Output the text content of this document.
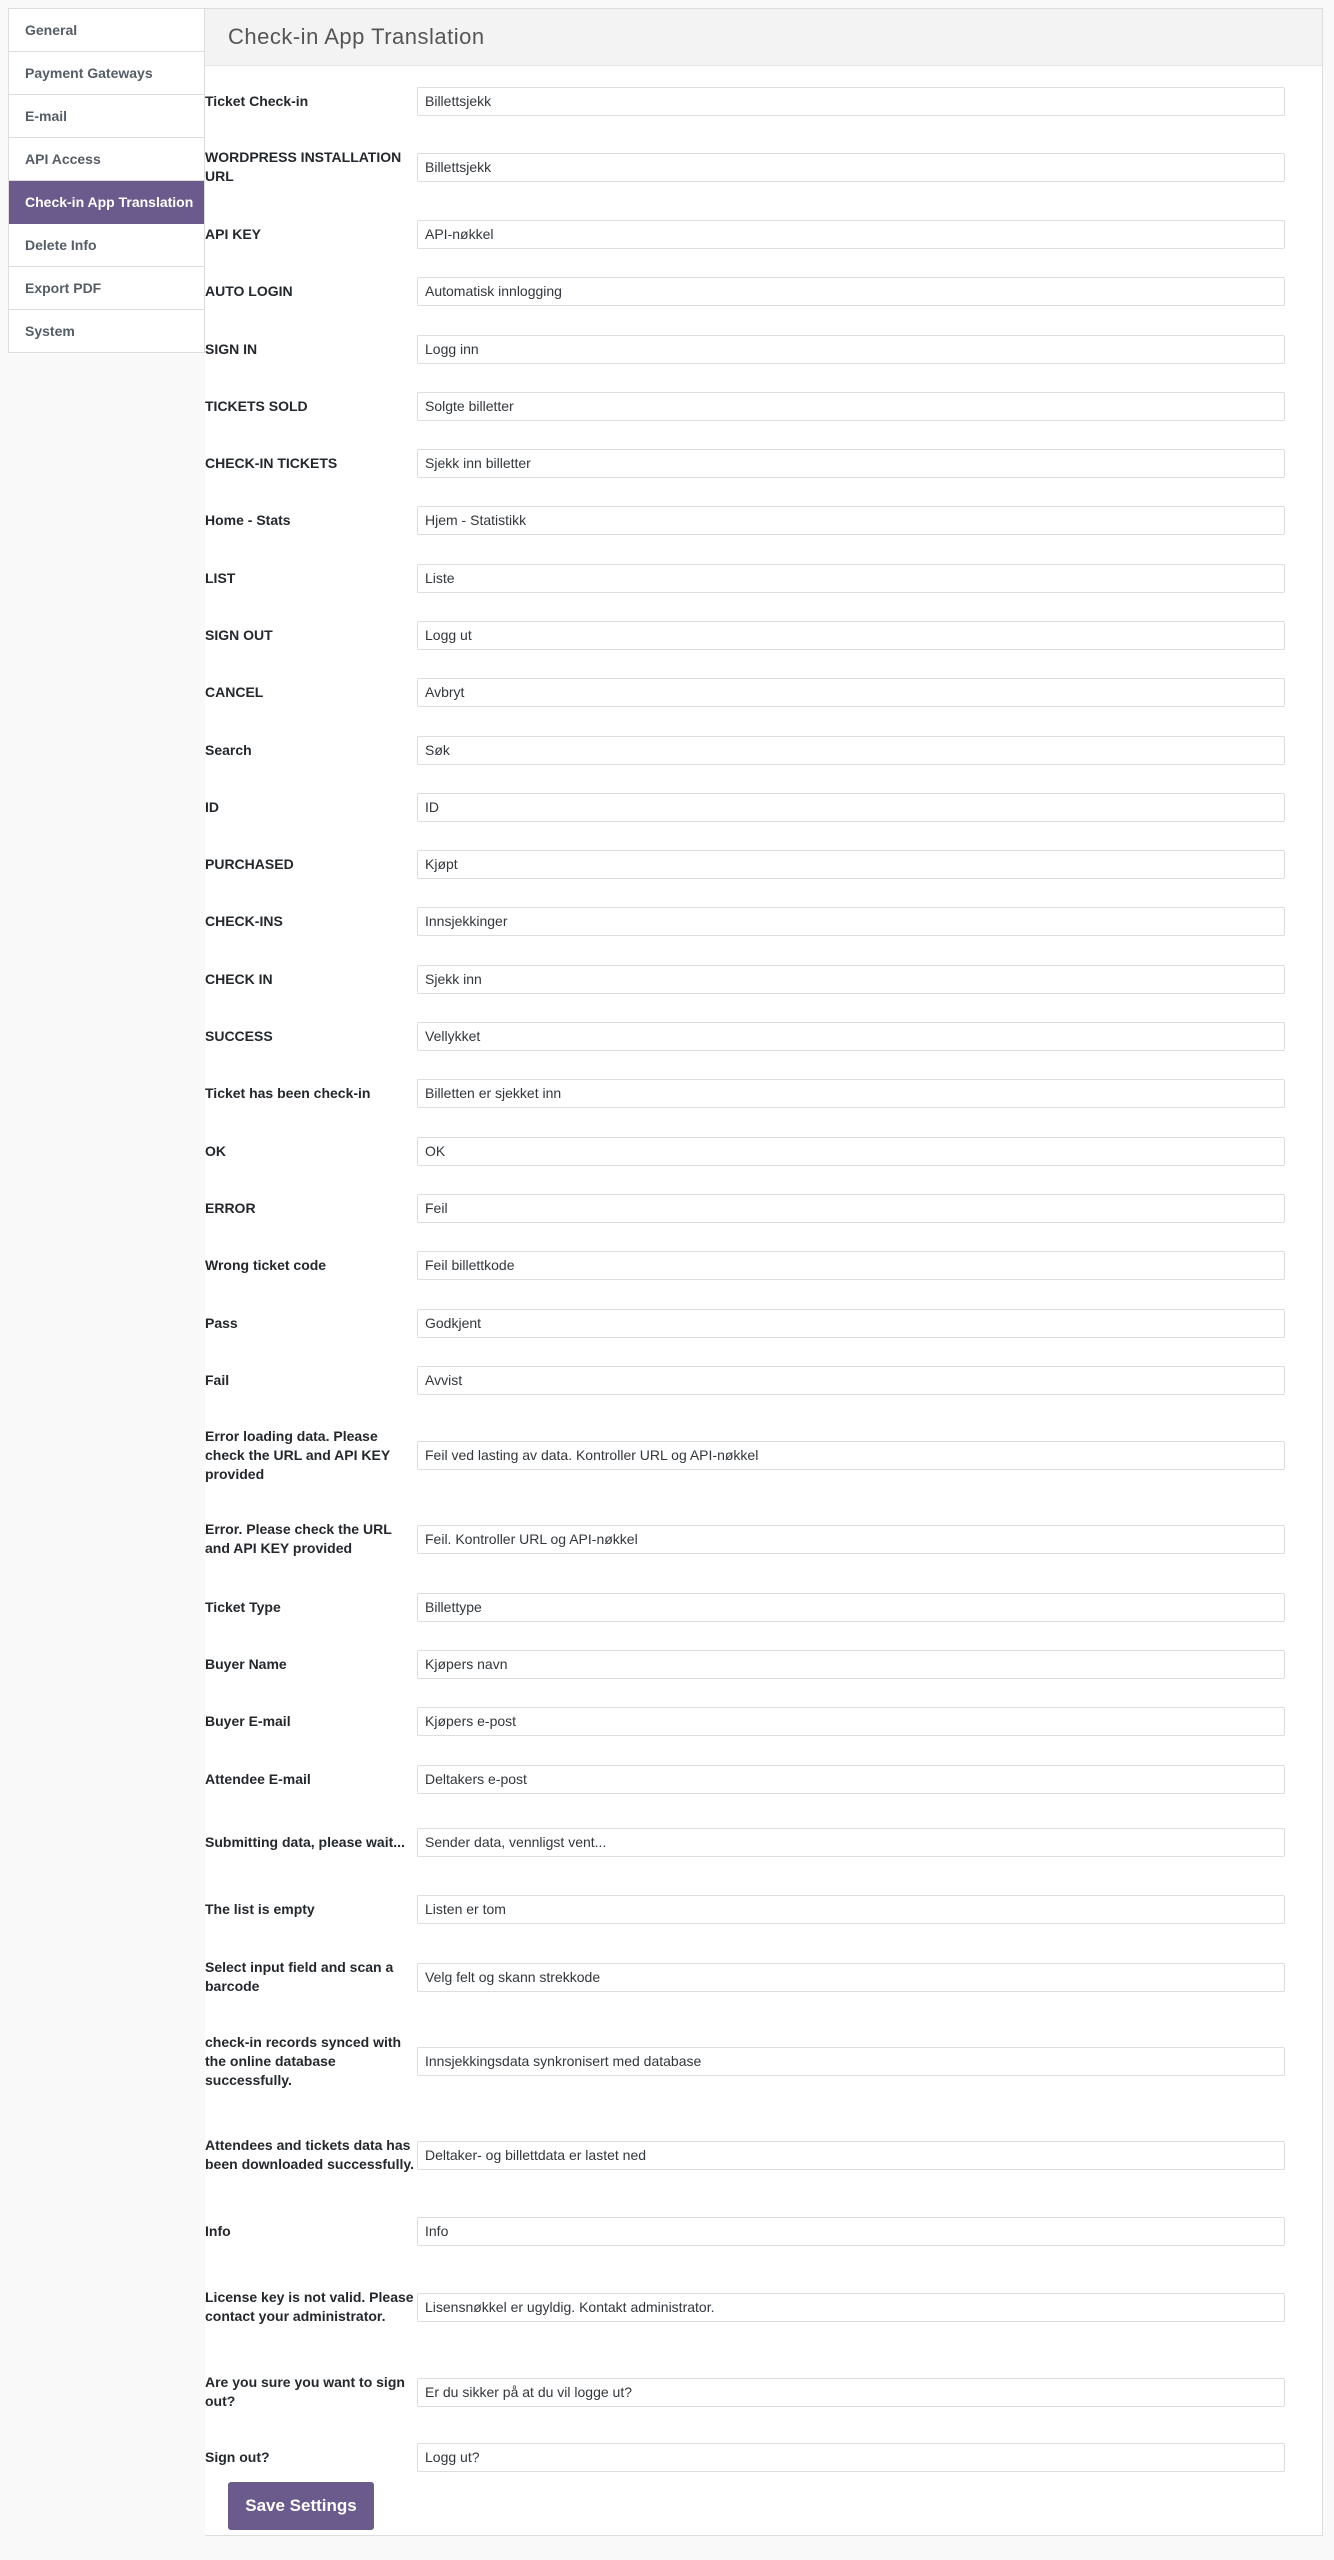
General
Payment Gateways
E-mail
API Access
Check-in App Translation
Delete Info
Export PDF
System
Check-in App Translation
Ticket Check-in
Billettsjekk
WORDPRESS INSTALLATION URL
Billettsjekk
API KEY
API-nøkkel
AUTO LOGIN
Automatisk innlogging
SIGN IN
Logg inn
TICKETS SOLD
Solgte billetter
CHECK-IN TICKETS
Sjekk inn billetter
Home - Stats
Hjem - Statistikk
LIST
Liste
SIGN OUT
Logg ut
CANCEL
Avbryt
Search
Søk
ID
ID
PURCHASED
Kjøpt
CHECK-INS
Innsjekkinger
CHECK IN
Sjekk inn
SUCCESS
Vellykket
Ticket has been check-in
Billetten er sjekket inn
OK
OK
ERROR
Feil
Wrong ticket code
Feil billettkode
Pass
Godkjent
Fail
Avvist
Error loading data. Please check the URL and API KEY provided
Feil ved lasting av data. Kontroller URL og API-nøkkel
Error. Please check the URL and API KEY provided
Feil. Kontroller URL og API-nøkkel
Ticket Type
Billettype
Buyer Name
Kjøpers navn
Buyer E-mail
Kjøpers e-post
Attendee E-mail
Deltakers e-post
Submitting data, please wait...
Sender data, vennligst vent...
The list is empty
Listen er tom
Select input field and scan a barcode
Velg felt og skann strekkode
check-in records synced with the online database successfully.
Innsjekkingsdata synkronisert med database
Attendees and tickets data has been downloaded successfully.
Deltaker- og billettdata er lastet ned
Info
Info
License key is not valid. Please contact your administrator.
Lisensnøkkel er ugyldig. Kontakt administrator.
Are you sure you want to sign out?
Er du sikker på at du vil logge ut?
Sign out?
Logg ut?
Save Settings
